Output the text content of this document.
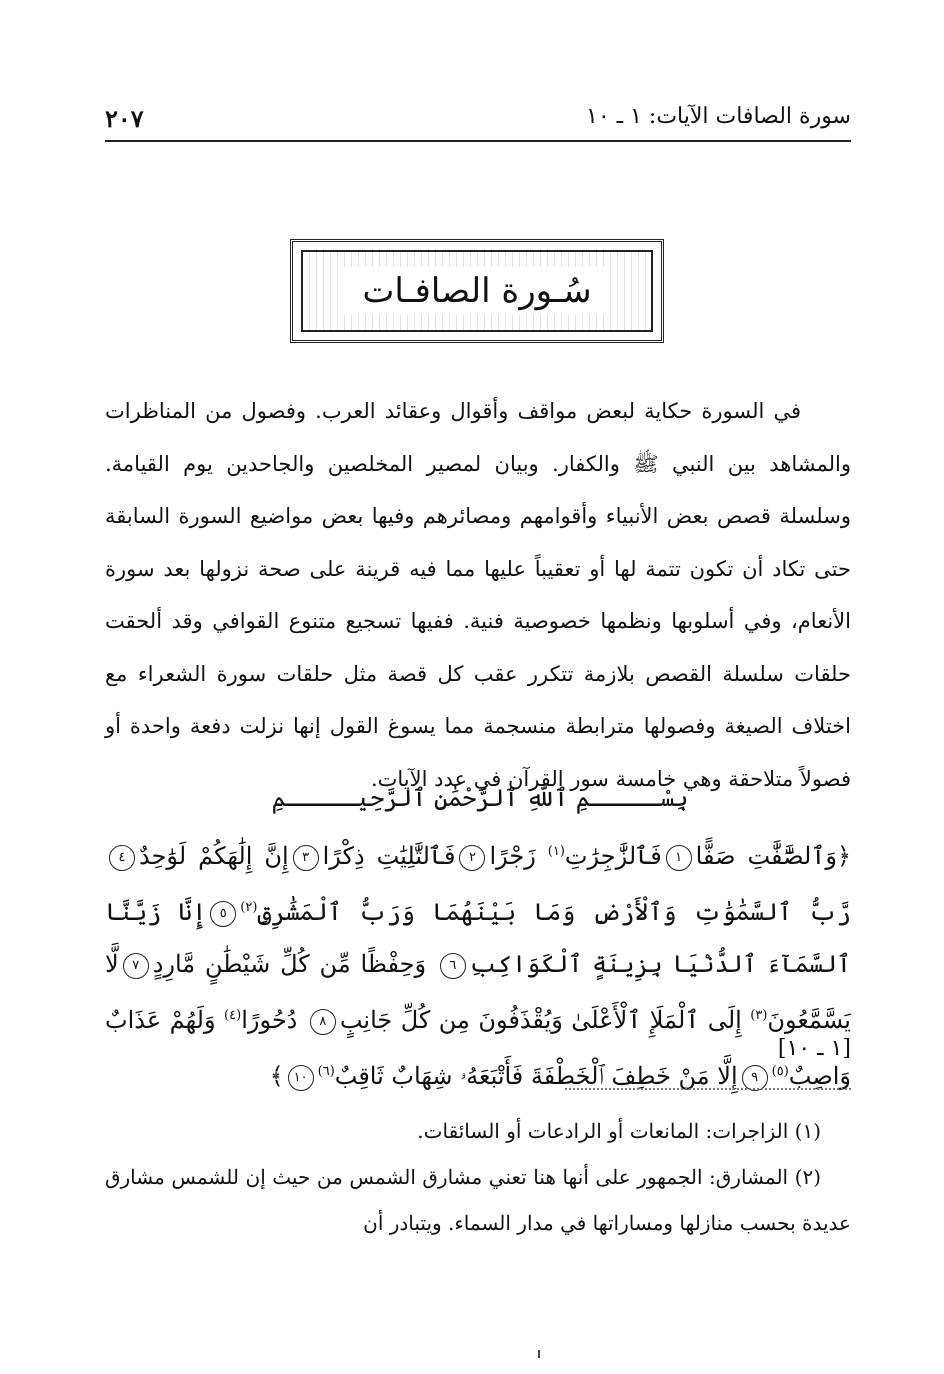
سورة الصافات الآيات: ١ ـ ١٠
٢٠٧
سُـورة الصافـات

في السورة حكاية لبعض مواقف وأقوال وعقائد العرب. وفصول من المناظرات والمشاهد بين النبي ﷺ والكفار. وبيان لمصير المخلصين والجاحدين يوم القيامة. وسلسلة قصص بعض الأنبياء وأقوامهم ومصائرهم وفيها بعض مواضيع السورة السابقة حتى تكاد أن تكون تتمة لها أو تعقيباً عليها مما فيه قرينة على صحة نزولها بعد سورة الأنعام، وفي أسلوبها ونظمها خصوصية فنية. ففيها تسجيع متنوع القوافي وقد ألحقت حلقات سلسلة القصص بلازمة تتكرر عقب كل قصة مثل حلقات سورة الشعراء مع اختلاف الصيغة وفصولها مترابطة منسجمة مما يسوغ القول إنها نزلت دفعة واحدة أو فصولاً متلاحقة وهي خامسة سور القرآن في عدد الآيات.

بِسْـــــمِ ٱللَّهِ ٱلرَّحْمَٰنِ ٱلرَّحِيـــــمِ

﴿وَٱلصَّٰٓفَّٰتِ صَفًّا١فَٱلزَّٰجِرَٰتِ$^{(١)}$ زَجْرًا٢فَٱلتَّٰلِيَٰتِ ذِكْرًا٣إِنَّ إِلَٰهَكُمْ لَوَٰحِدٌ٤ رَّبُّ ٱلسَّمَٰوَٰتِ وَٱلْأَرْضِ وَمَا بَيْنَهُمَا وَرَبُّ ٱلْمَشَٰرِقِ$^{(٢)}$٥إِنَّا زَيَّنَّا ٱلسَّمَآءَ ٱلدُّنْيَا بِزِينَةٍ ٱلْكَوَاكِبِ٦ وَحِفْظًا مِّن كُلِّ شَيْطَٰنٍ مَّارِدٍ٧لَّا يَسَّمَّعُونَ$^{(٣)}$ إِلَى ٱلْمَلَإِ ٱلْأَعْلَىٰ وَيُقْذَفُونَ مِن كُلِّ جَانِبٍ٨ دُحُورًا$^{(٤)}$ وَلَهُمْ عَذَابٌ وَاصِبٌ$^{(٥)}$٩إِلَّا مَنْ خَطِفَ ٱلْخَطْفَةَ فَأَتْبَعَهُۥ شِهَابٌ ثَاقِبٌ$^{(٦)}$١٠﴾

[١ ـ ١٠]

(١) الزاجرات: المانعات أو الرادعات أو السائقات.

(٢) المشارق: الجمهور على أنها هنا تعني مشارق الشمس من حيث إن للشمس مشارق عديدة بحسب منازلها ومساراتها في مدار السماء. ويتبادر أن
